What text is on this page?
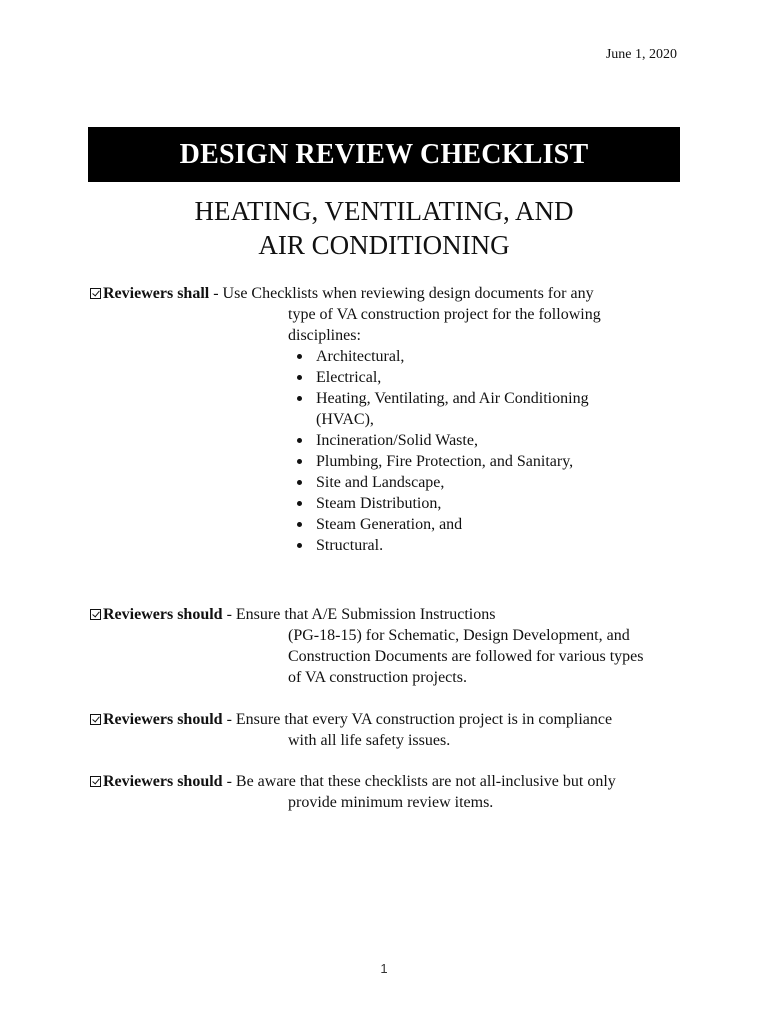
June 1, 2020
DESIGN REVIEW CHECKLIST
HEATING, VENTILATING, AND
AIR CONDITIONING
Reviewers shall - Use Checklists when reviewing design documents for any
type of VA construction project for the following disciplines:
Architectural,
Electrical,
Heating, Ventilating, and Air Conditioning (HVAC),
Incineration/Solid Waste,
Plumbing, Fire Protection, and Sanitary,
Site and Landscape,
Steam Distribution,
Steam Generation, and
Structural.
Reviewers should - Ensure that A/E Submission Instructions
(PG-18-15) for Schematic, Design Development, and Construction Documents are followed for various types of VA construction projects.
Reviewers should - Ensure that every VA construction project is in compliance
with all life safety issues.
Reviewers should - Be aware that these checklists are not all-inclusive but only
provide minimum review items.
1
